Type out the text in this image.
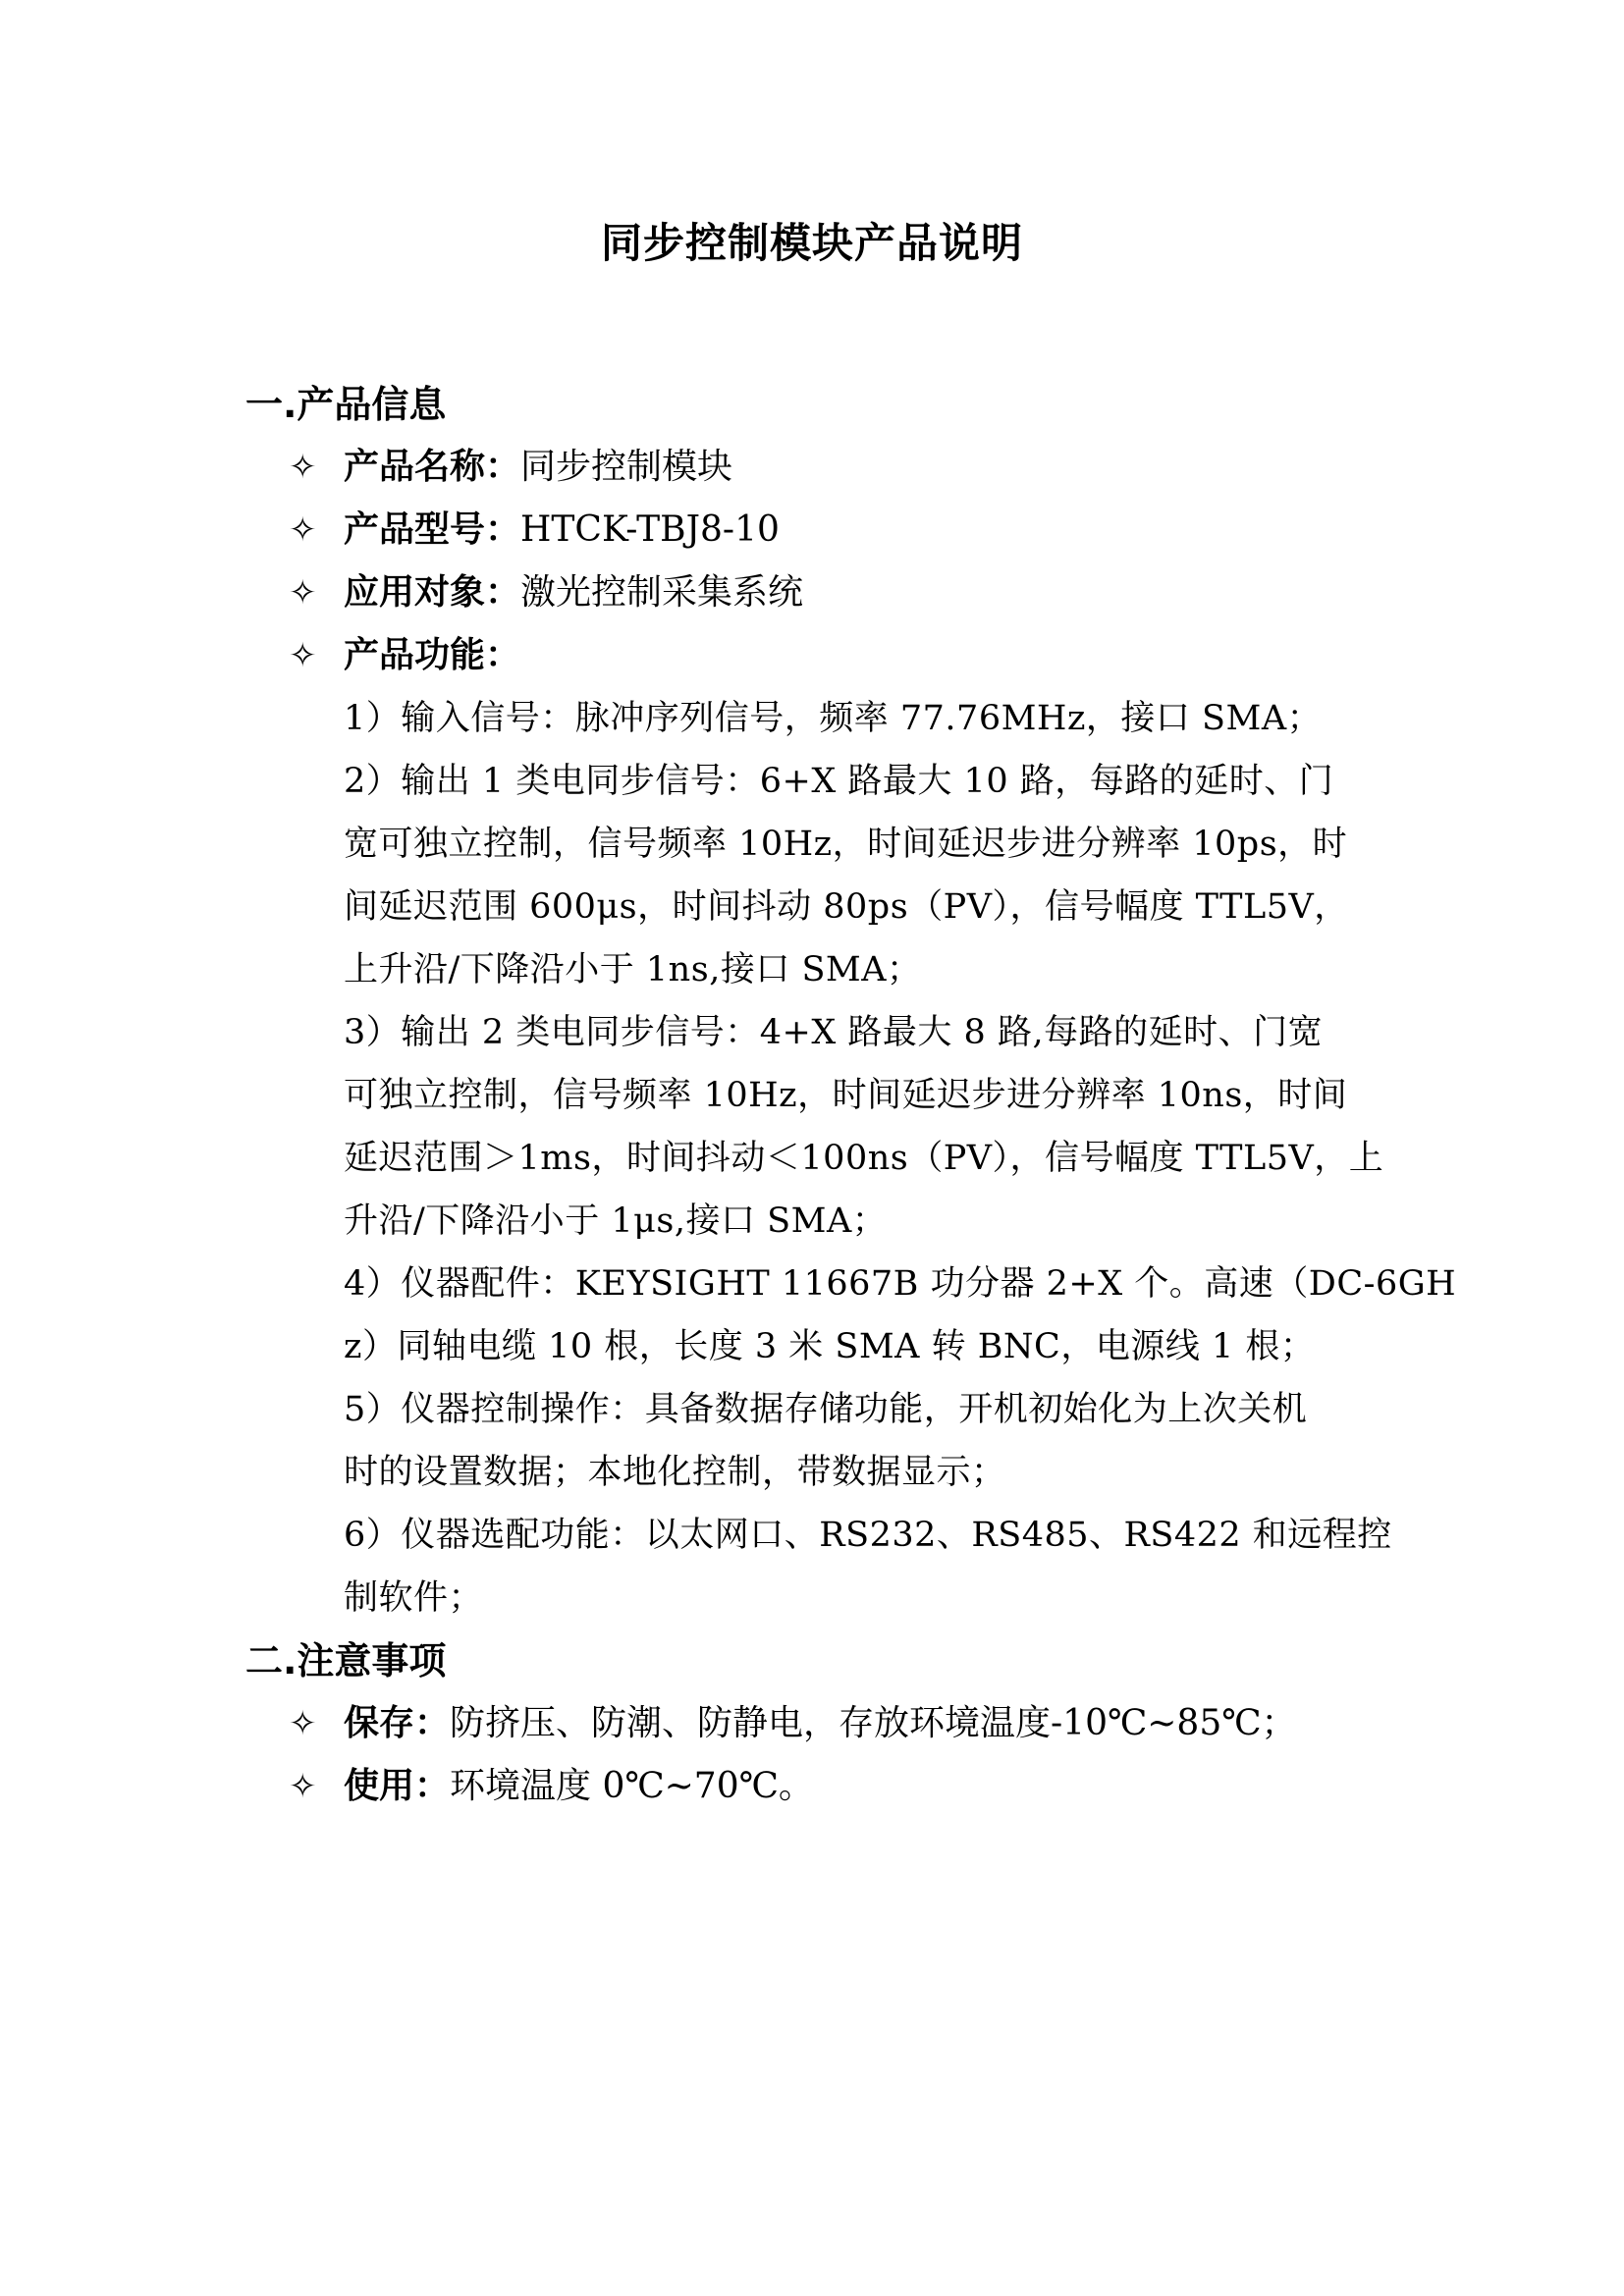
同步控制模块产品说明
一.产品信息
✧ 产品名称：同步控制模块
✧ 产品型号：HTCK-TBJ8-10
✧ 应用对象：激光控制采集系统
✧ 产品功能：
1）输入信号：脉冲序列信号，频率 77.76MHz，接口 SMA；
2）输出 1 类电同步信号：6+X 路最大 10 路，每路的延时、门
宽可独立控制，信号频率 10Hz，时间延迟步进分辨率 10ps，时
间延迟范围 600μs，时间抖动 80ps（PV），信号幅度 TTL5V，
上升沿/下降沿小于 1ns,接口 SMA；
3）输出 2 类电同步信号：4+X 路最大 8 路,每路的延时、门宽
可独立控制，信号频率 10Hz，时间延迟步进分辨率 10ns，时间
延迟范围＞1ms，时间抖动＜100ns（PV），信号幅度 TTL5V，上
升沿/下降沿小于 1μs,接口 SMA；
4）仪器配件：KEYSIGHT 11667B 功分器 2+X 个。高速（DC-6GH
z）同轴电缆 10 根，长度 3 米 SMA 转 BNC，电源线 1 根；
5）仪器控制操作：具备数据存储功能，开机初始化为上次关机
时的设置数据；本地化控制，带数据显示；
6）仪器选配功能：以太网口、RS232、RS485、RS422 和远程控
制软件；
二.注意事项
✧ 保存：防挤压、防潮、防静电，存放环境温度-10℃~85℃；
✧ 使用：环境温度 0℃~70℃。
